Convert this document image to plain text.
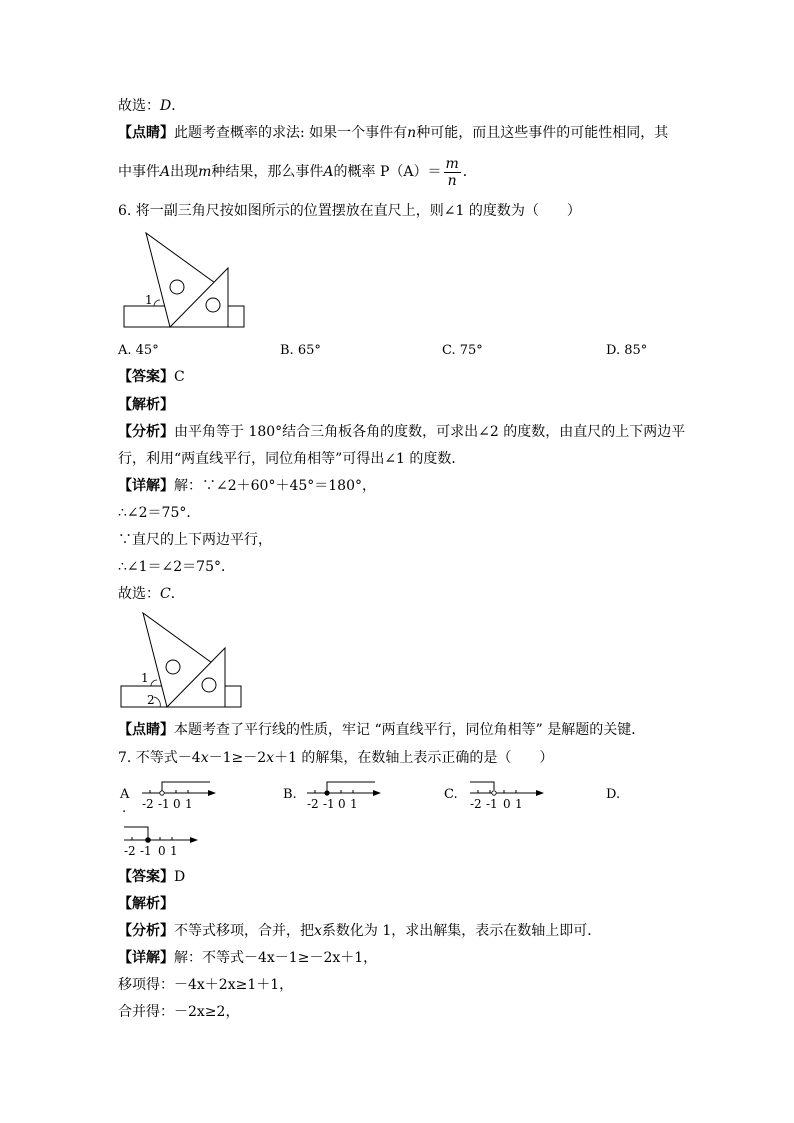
故选：D．
【点睛】此题考查概率的求法: 如果一个事件有n种可能，而且这些事件的可能性相同，其
中事件A出现m种结果，那么事件A的概率 $P(A)= \frac{m}{n}$ ．
6. 将一副三角尺按如图所示的位置摆放在直尺上，则∠1 的度数为（　　）
1
A. 45°	B. 65°	C. 75°	D. 85°
【答案】C
【解析】
【分析】由平角等于 180°结合三角板各角的度数，可求出∠2 的度数，由直尺的上下两边平
行，利用“两直线平行，同位角相等”可得出∠1 的度数．
【详解】解：∵∠2＋60°＋45°＝180°，
∴∠2＝75°．
∵直尺的上下两边平行，
∴∠1＝∠2＝75°．
故选：C．
1
2
【点睛】本题考查了平行线的性质，牢记 “两直线平行，同位角相等” 是解题的关键．
7. 不等式－4x－1≥－2x＋1 的解集，在数轴上表示正确的是（　　）
A
. -2 -1 0 1
B.
-2 -1 0 1
C.
-2 -1 0 1
D.
-2 -1 0 1
【答案】D
【解析】
【分析】不等式移项，合并，把x系数化为 1，求出解集，表示在数轴上即可．
【详解】解：不等式－4x－1≥－2x＋1，
移项得：－4x＋2x≥1＋1，
合并得：－2x≥2，
